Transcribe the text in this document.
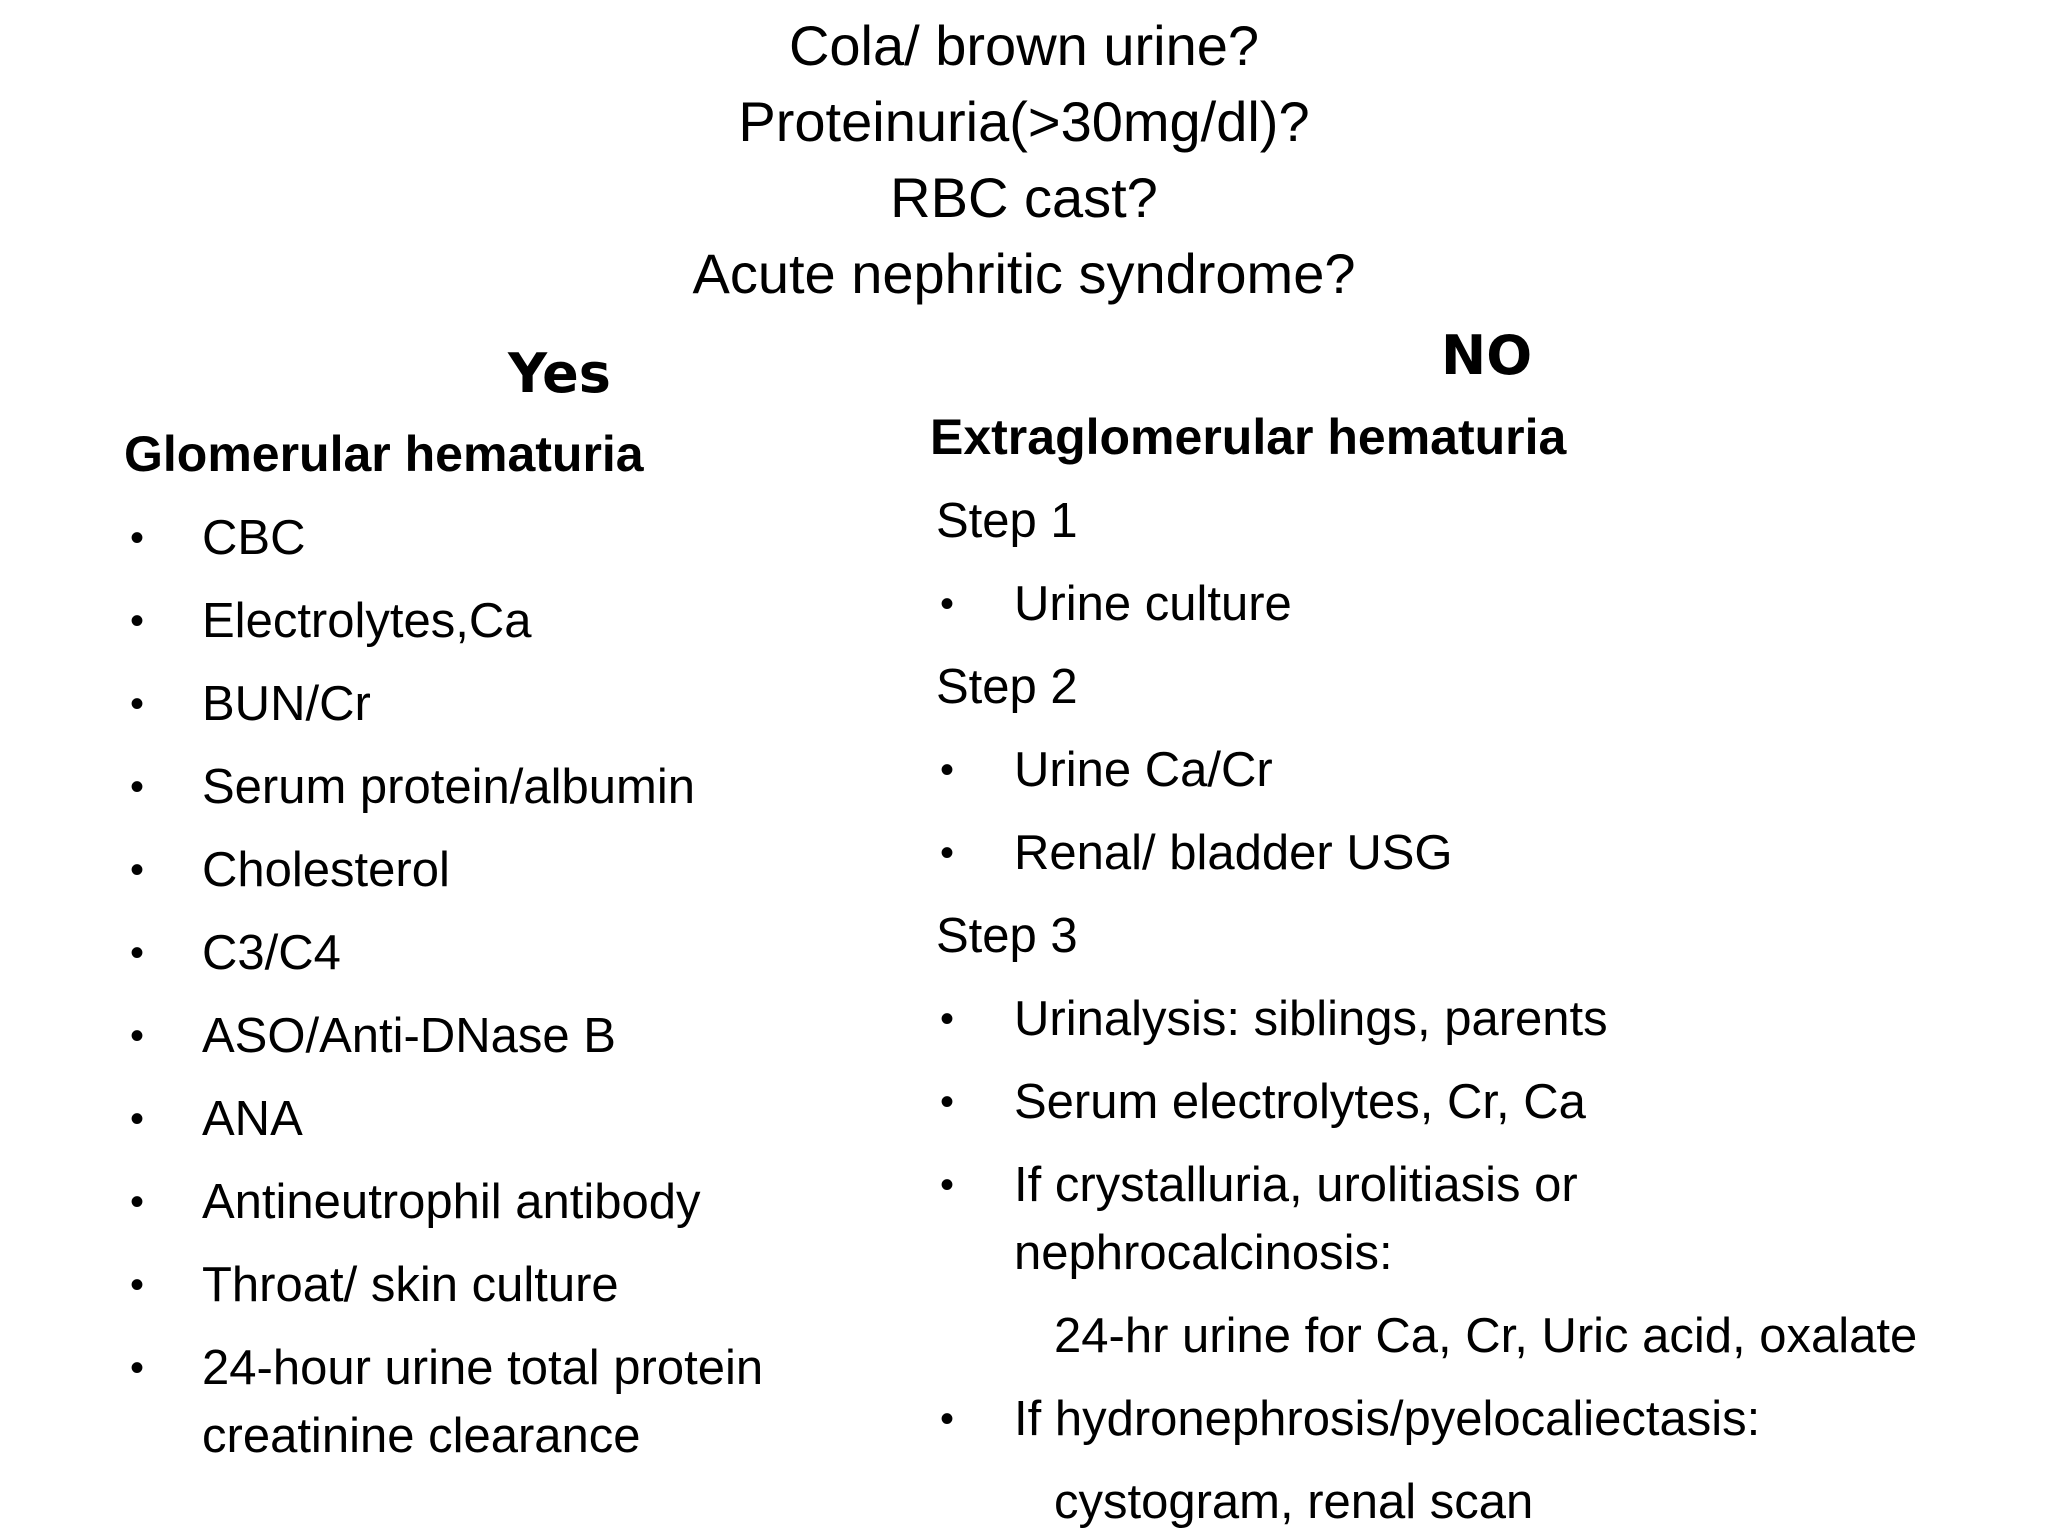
Cola/ brown urine?
Proteinuria(>30mg/dl)?
RBC cast?
Acute nephritic syndrome?
Yes	NO
Glomerular hematuria	Extraglomerular hematuria
• CBC
• Electrolytes,Ca
• BUN/Cr
• Serum protein/albumin
• Cholesterol
• C3/C4
• ASO/Anti-DNase B
• ANA
• Antineutrophil antibody
• Throat/ skin culture
• 24-hour urine total protein
creatinine clearance
Step 1
• Urine culture
Step 2
• Urine Ca/Cr
• Renal/ bladder USG
Step 3
• Urinalysis: siblings, parents
• Serum electrolytes, Cr, Ca
• If crystalluria, urolitiasis or
nephrocalcinosis:
24-hr urine for Ca, Cr, Uric acid, oxalate
• If hydronephrosis/pyelocaliectasis:
cystogram, renal scan
